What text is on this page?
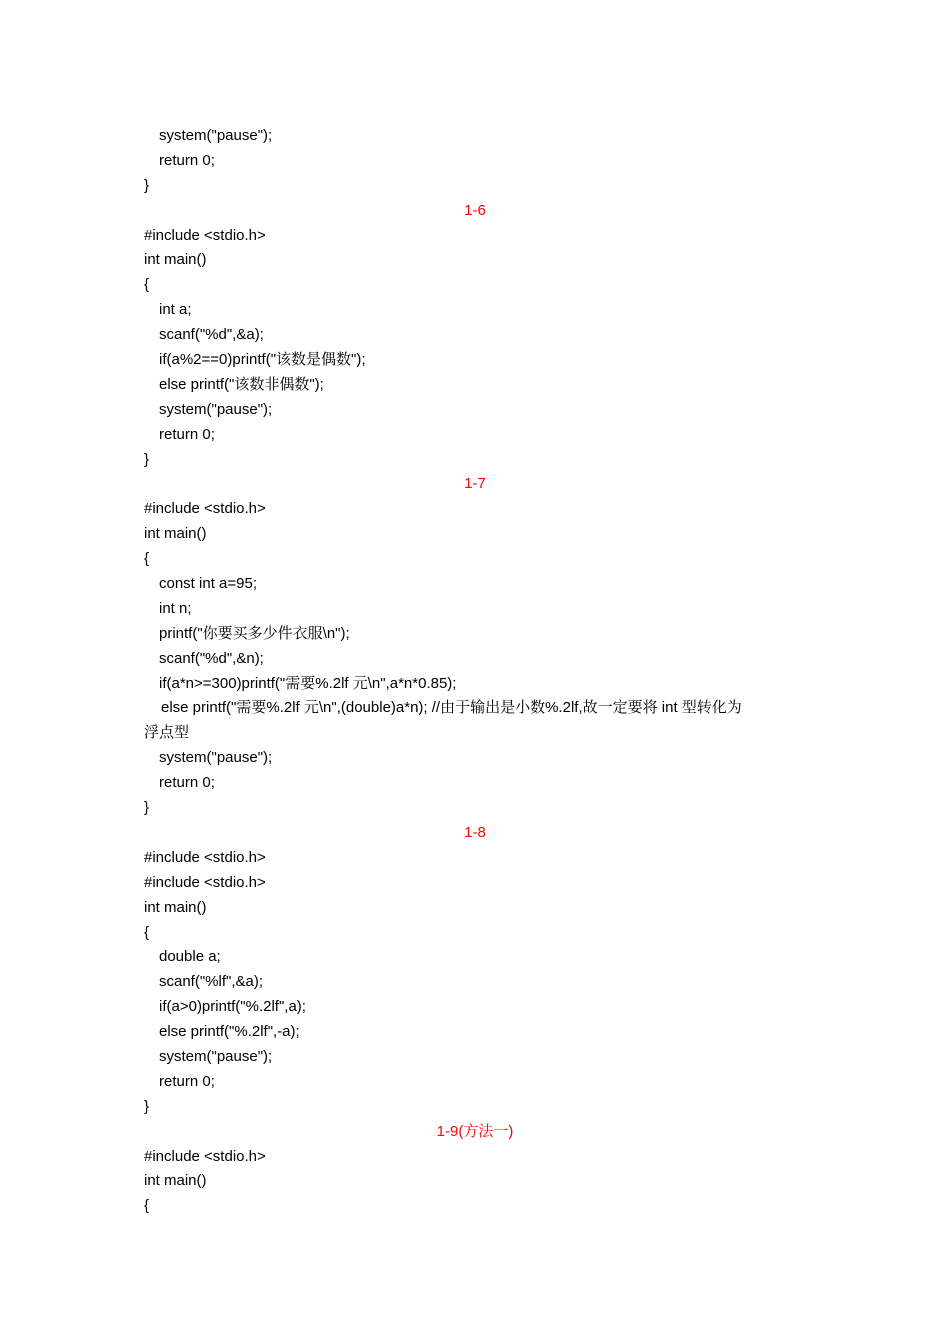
system("pause");
return 0;
}
1-6
#include <stdio.h>
int main()
{
int a;
scanf("%d",&a);
if(a%2==0)printf("该数是偶数");
else printf("该数非偶数");
system("pause");
return 0;
}
1-7
#include <stdio.h>
int main()
{
const int a=95;
int n;
printf("你要买多少件衣服\n");
scanf("%d",&n);
if(a*n>=300)printf("需要%.2lf 元\n",a*n*0.85);
else printf("需要%.2lf 元\n",(double)a*n); //由于输出是小数%.2lf,故一定要将 int 型转化为
浮点型
system("pause");
return 0;
}
1-8
#include <stdio.h>
#include <stdio.h>
int main()
{
double a;
scanf("%lf",&a);
if(a>0)printf("%.2lf",a);
else printf("%.2lf",-a);
system("pause");
return 0;
}
1-9(方法一)
#include <stdio.h>
int main()
{
